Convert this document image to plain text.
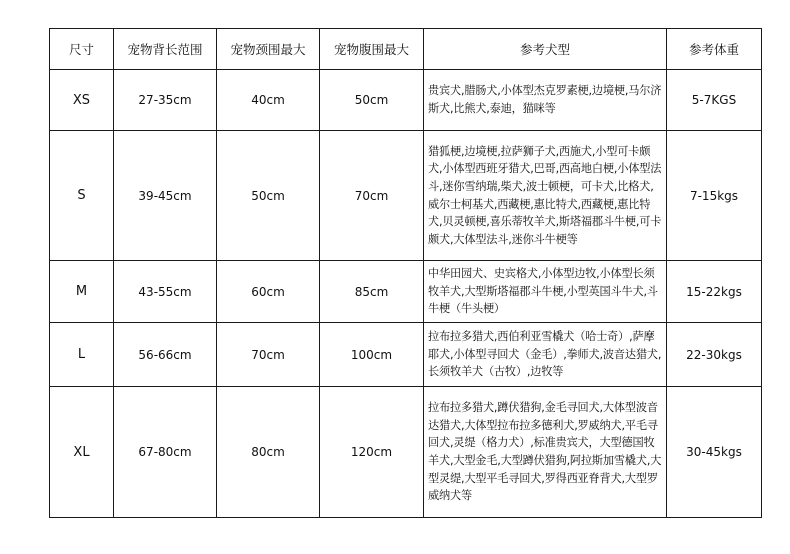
尺寸	宠物背长范围	宠物颈围最大	宠物腹围最大	参考犬型	参考体重
XS	27-35cm	40cm	50cm	贵宾犬,腊肠犬,小体型杰克罗素梗,边境梗,马尔济斯犬,比熊犬,泰迪，猫咪等	5-7KGS
S	39-45cm	50cm	70cm	猎狐梗,边境梗,拉萨狮子犬,西施犬,小型可卡颇犬,小体型西班牙猎犬,巴哥,西高地白梗,小体型法斗,迷你雪纳瑞,柴犬,波士顿梗，可卡犬,比格犬,威尔士柯基犬,西藏梗,惠比特犬,西藏梗,惠比特犬,贝灵顿梗,喜乐蒂牧羊犬,斯塔福郡斗牛梗,可卡颇犬,大体型法斗,迷你斗牛梗等	7-15kgs
M	43-55cm	60cm	85cm	中华田园犬、史宾格犬,小体型边牧,小体型长须牧羊犬,大型斯塔福郡斗牛梗,小型英国斗牛犬,斗牛梗（牛头梗）	15-22kgs
L	56-66cm	70cm	100cm	拉布拉多猎犬,西伯利亚雪橇犬（哈士奇）,萨摩耶犬,小体型寻回犬（金毛）,拳师犬,波音达猎犬,长须牧羊犬（古牧）,边牧等	22-30kgs
XL	67-80cm	80cm	120cm	拉布拉多猎犬,蹲伏猎狗,金毛寻回犬,大体型波音达猎犬,大体型拉布拉多德利犬,罗威纳犬,平毛寻回犬,灵缇（格力犬）,标准贵宾犬，大型德国牧羊犬,大型金毛,大型蹲伏猎狗,阿拉斯加雪橇犬,大型灵缇,大型平毛寻回犬,罗得西亚脊背犬,大型罗威纳犬等	30-45kgs
